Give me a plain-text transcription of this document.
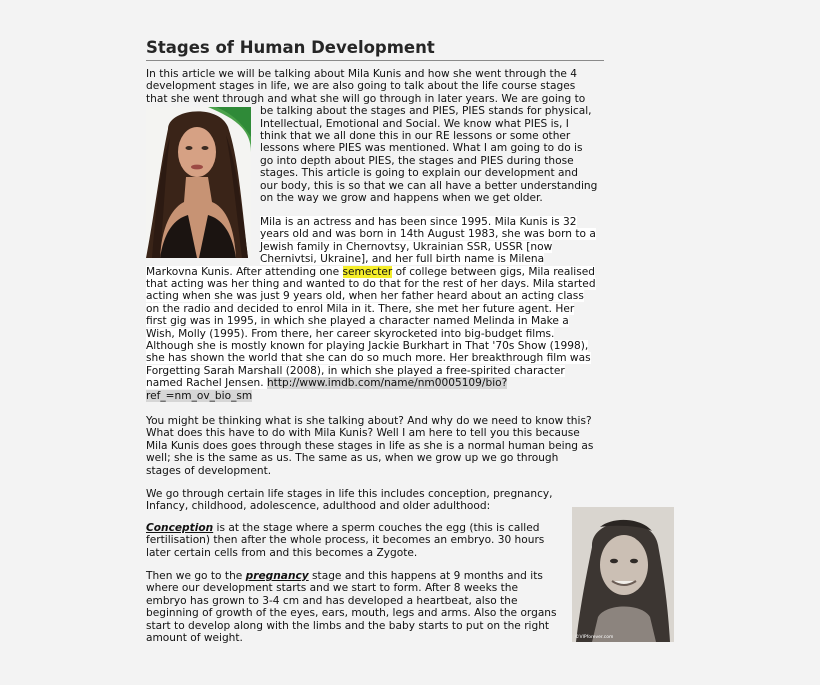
Stages of Human Development
©VIPforever.com

In this article we will be talking about Mila Kunis and how she went through the 4

development stages in life, we are also going to talk about the life course stages

that she went through and what she will go through in later years. We are going to

be talking about the stages and PIES, PIES stands for physical,

Intellectual, Emotional and Social. We know what PIES is, I

think that we all done this in our RE lessons or some other

lessons where PIES was mentioned. What I am going to do is

go into depth about PIES, the stages and PIES during those

stages. This article is going to explain our development and

our body, this is so that we can all have a better understanding

on the way we grow and happens when we get older.

Mila is an actress and has been since 1995. Mila Kunis is 32

years old and was born in 14th August 1983, she was born to a

Jewish family in Chernovtsy, Ukrainian SSR, USSR [now

Chernivtsi, Ukraine], and her full birth name is Milena

Markovna Kunis. After attending one semecter of college between gigs, Mila realised

that acting was her thing and wanted to do that for the rest of her days. Mila started

acting when she was just 9 years old, when her father heard about an acting class

on the radio and decided to enrol Mila in it. There, she met her future agent. Her

first gig was in 1995, in which she played a character named Melinda in Make a

Wish, Molly (1995). From there, her career skyrocketed into big-budget films.

Although she is mostly known for playing Jackie Burkhart in That '70s Show (1998),

she has shown the world that she can do so much more. Her breakthrough film was

Forgetting Sarah Marshall (2008), in which she played a free-spirited character

named Rachel Jensen. http://www.imdb.com/name/nm0005109/bio?

ref_=nm_ov_bio_sm

You might be thinking what is she talking about? And why do we need to know this?

What does this have to do with Mila Kunis? Well I am here to tell you this because

Mila Kunis does goes through these stages in life as she is a normal human being as

well; she is the same as us. The same as us, when we grow up we go through

stages of development.

We go through certain life stages in life this includes conception, pregnancy,

Infancy, childhood, adolescence, adulthood and older adulthood:

Conception is at the stage where a sperm couches the egg (this is called

fertilisation) then after the whole process, it becomes an embryo. 30 hours

later certain cells from and this becomes a Zygote.

Then we go to the pregnancy stage and this happens at 9 months and its

where our development starts and we start to form. After 8 weeks the

embryo has grown to 3-4 cm and has developed a heartbeat, also the

beginning of growth of the eyes, ears, mouth, legs and arms. Also the organs

start to develop along with the limbs and the baby starts to put on the right

amount of weight.
